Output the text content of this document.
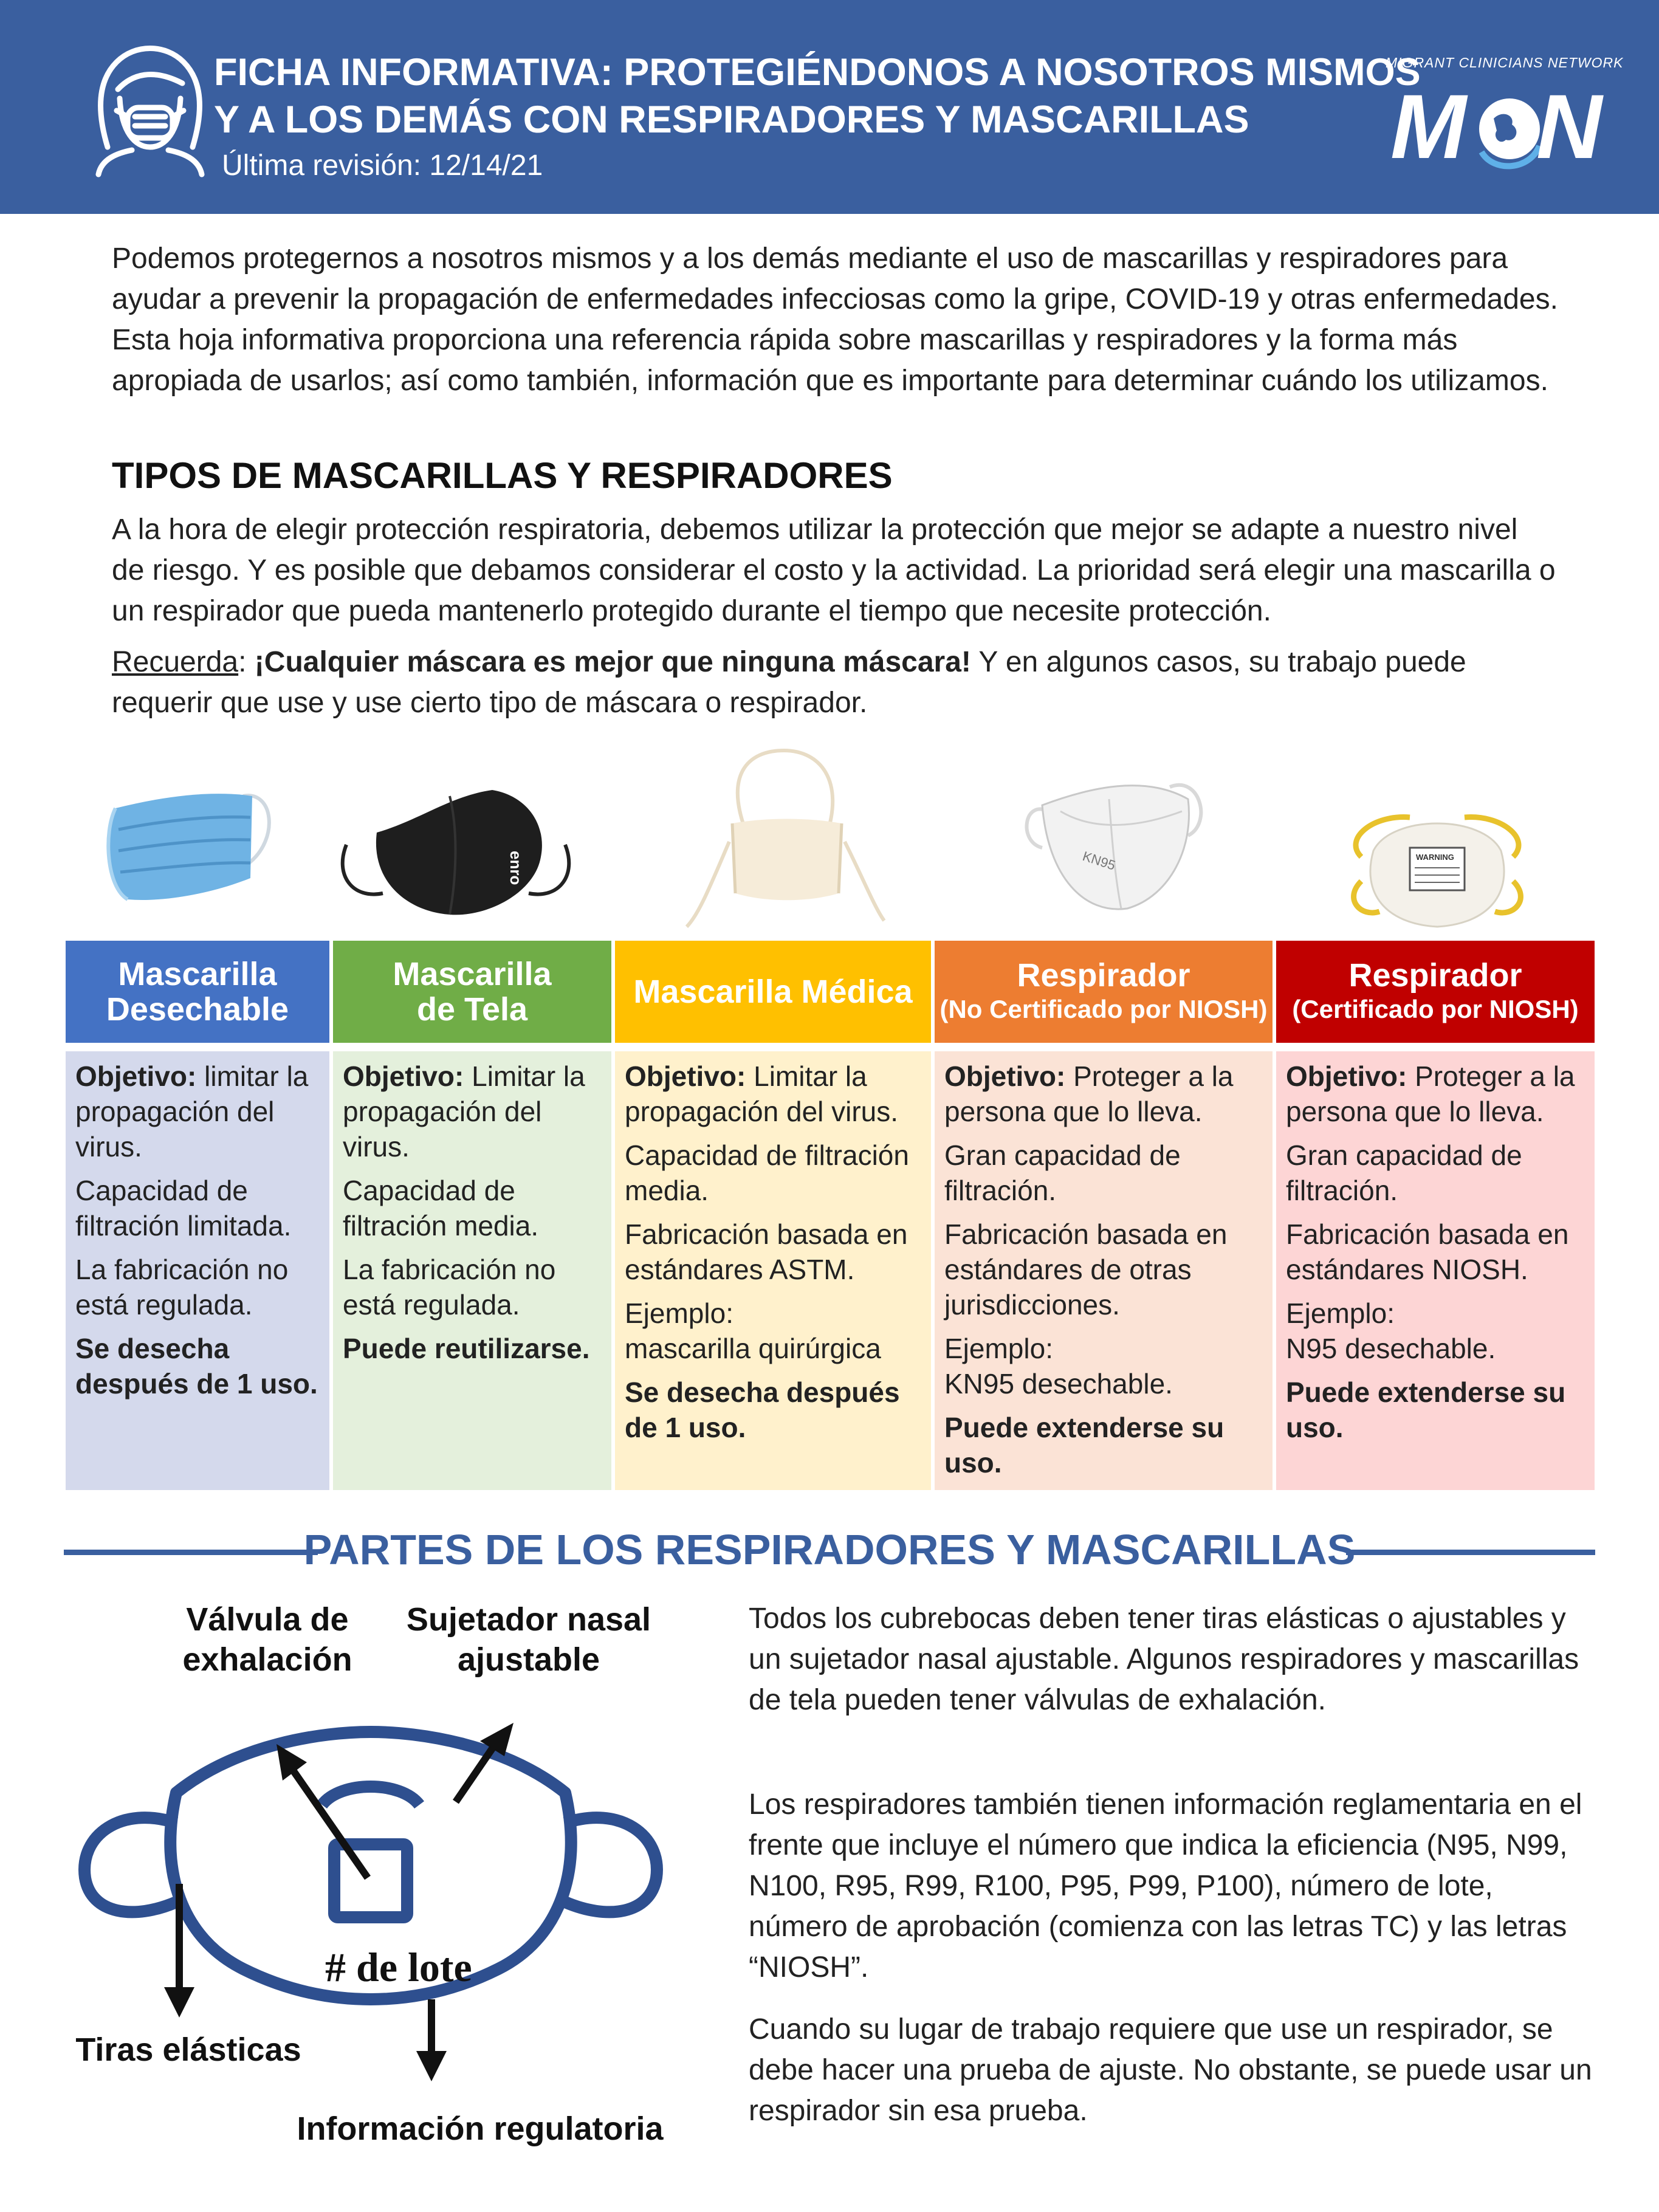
FICHA INFORMATIVA: PROTEGIÉNDONOS A NOSOTROS MISMOS
Y A LOS DEMÁS CON RESPIRADORES Y MASCARILLAS
Última revisión: 12/14/21
MIGRANT CLINICIANS NETWORK
M N
Podemos protegernos a nosotros mismos y a los demás mediante el uso de mascarillas y respiradores para ayudar a prevenir la propagación de enfermedades infecciosas como la gripe, COVID-19 y otras enfermedades. Esta hoja informativa proporciona una referencia rápida sobre mascarillas y respiradores y la forma más apropiada de usarlos; así como también, información que es importante para determinar cuándo los utilizamos.
TIPOS DE MASCARILLAS Y RESPIRADORES
A la hora de elegir protección respiratoria, debemos utilizar la protección que mejor se adapte a nuestro nivel de riesgo. Y es posible que debamos considerar el costo y la actividad. La prioridad será elegir una mascarilla o un respirador que pueda mantenerlo protegido durante el tiempo que necesite protección.
Recuerda: ¡Cualquier máscara es mejor que ninguna máscara! Y en algunos casos, su trabajo puede requerir que use y use cierto tipo de máscara o respirador.
enro	KN95	WARNING
Mascarilla
Desechable

Objetivo: limitar la propagación del virus.

Capacidad de filtración limitada.

La fabricación no está regulada.

Se desecha después de 1 uso.

Mascarilla
de Tela

Objetivo: Limitar la propagación del virus.

Capacidad de filtración media.

La fabricación no está regulada.

Puede reutilizarse.

Mascarilla Médica

Objetivo: Limitar la propagación del virus.

Capacidad de filtración media.

Fabricación basada en estándares ASTM.

Ejemplo:
mascarilla quirúrgica

Se desecha después de 1 uso.

Respirador
(No Certificado por NIOSH)

Objetivo: Proteger a la persona que lo lleva.

Gran capacidad de filtración.

Fabricación basada en estándares de otras jurisdicciones.

Ejemplo:
KN95 desechable.

Puede extenderse su uso.

Respirador
(Certificado por NIOSH)

Objetivo: Proteger a la persona que lo lleva.

Gran capacidad de filtración.

Fabricación basada en estándares NIOSH.

Ejemplo:
N95 desechable.

Puede extenderse su uso.

PARTES DE LOS RESPIRADORES Y MASCARILLAS
Válvula de
exhalación
Sujetador nasal
ajustable
# de lote
Tiras elásticas
Información regulatoria
Todos los cubrebocas deben tener tiras elásticas o ajustables y un sujetador nasal ajustable. Algunos respiradores y mascarillas de tela pueden tener válvulas de exhalación.
Los respiradores también tienen información reglamentaria en el frente que incluye el número que indica la eficiencia (N95, N99, N100, R95, R99, R100, P95, P99, P100), número de lote, número de aprobación (comienza con las letras TC) y las letras “NIOSH”.
Cuando su lugar de trabajo requiere que use un respirador, se debe hacer una prueba de ajuste. No obstante, se puede usar un respirador sin esa prueba.
